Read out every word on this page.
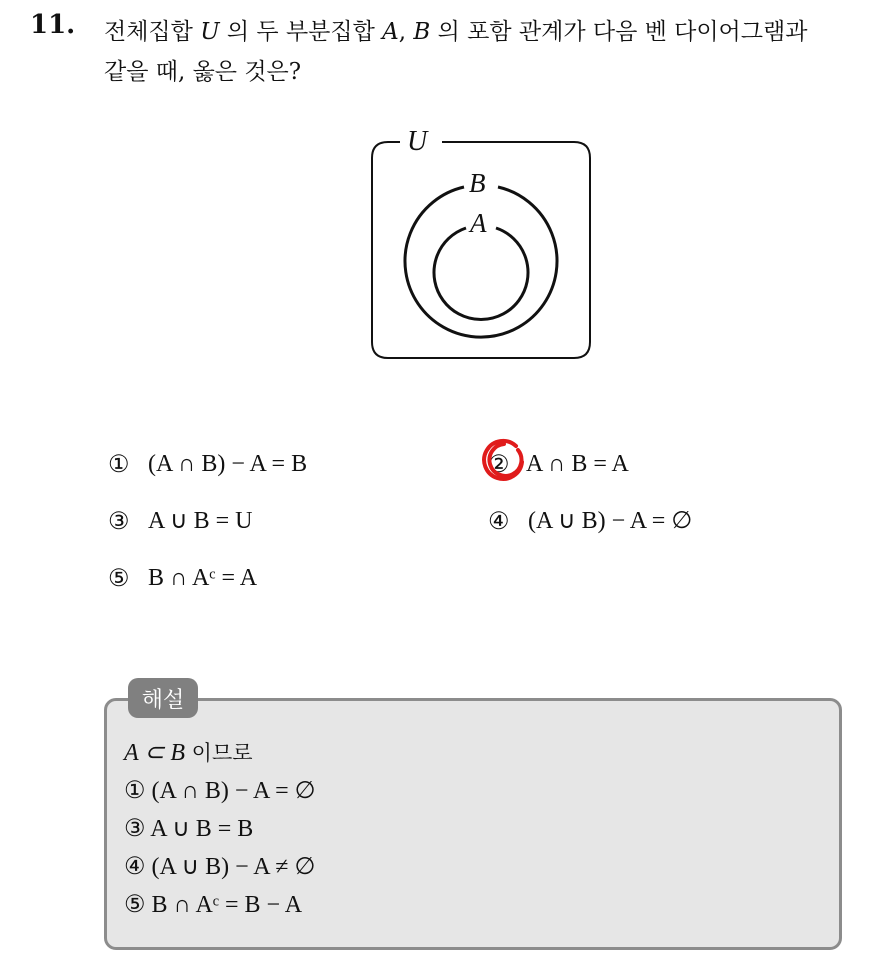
11. 전체집합 U 의 두 부분집합 A, B 의 포함 관계가 다음 벤 다이어그램과
같을 때, 옳은 것은?
U
B
A
① (A ∩ B) − A = B	② A ∩ B = A
③ A ∪ B = U	④ (A ∪ B) − A = ∅
⑤ B ∩ Aᶜ = A
해설
A ⊂ B 이므로
① (A ∩ B) − A = ∅
③ A ∪ B = B
④ (A ∪ B) − A ≠ ∅
⑤ B ∩ Aᶜ = B − A
